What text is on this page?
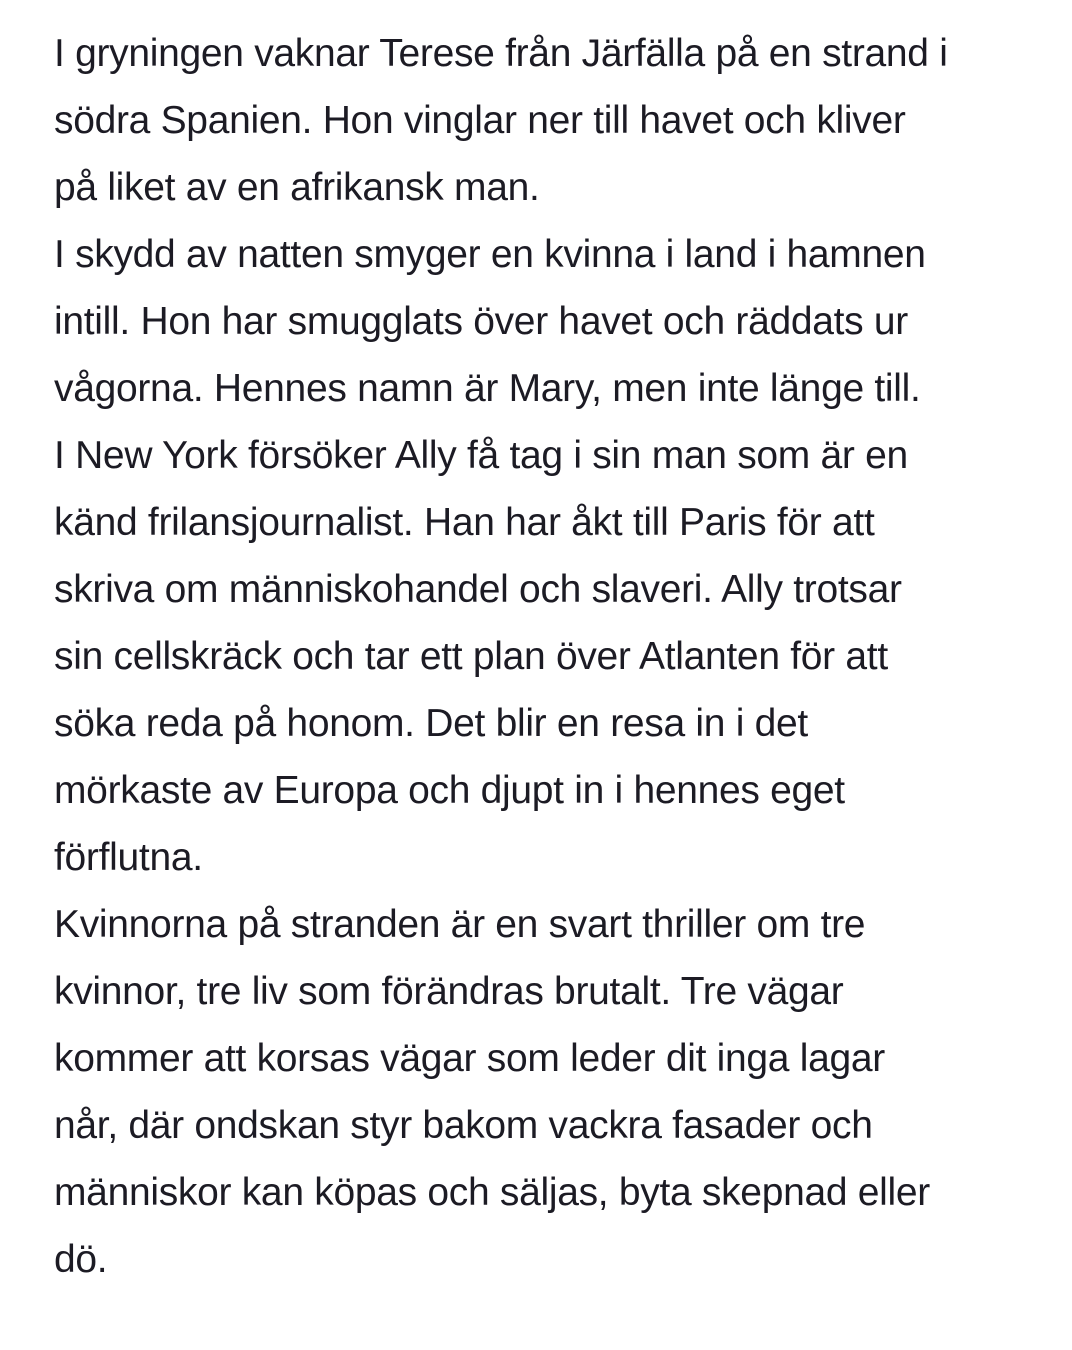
I gryningen vaknar Terese från Järfälla på en strand i
södra Spanien. Hon vinglar ner till havet och kliver
på liket av en afrikansk man.
I skydd av natten smyger en kvinna i land i hamnen
intill. Hon har smugglats över havet och räddats ur
vågorna. Hennes namn är Mary, men inte länge till.
I New York försöker Ally få tag i sin man som är en
känd frilansjournalist. Han har åkt till Paris för att
skriva om människohandel och slaveri. Ally trotsar
sin cellskräck och tar ett plan över Atlanten för att
söka reda på honom. Det blir en resa in i det
mörkaste av Europa och djupt in i hennes eget
förflutna.
Kvinnorna på stranden är en svart thriller om tre
kvinnor, tre liv som förändras brutalt. Tre vägar
kommer att korsas vägar som leder dit inga lagar
når, där ondskan styr bakom vackra fasader och
människor kan köpas och säljas, byta skepnad eller
dö.
